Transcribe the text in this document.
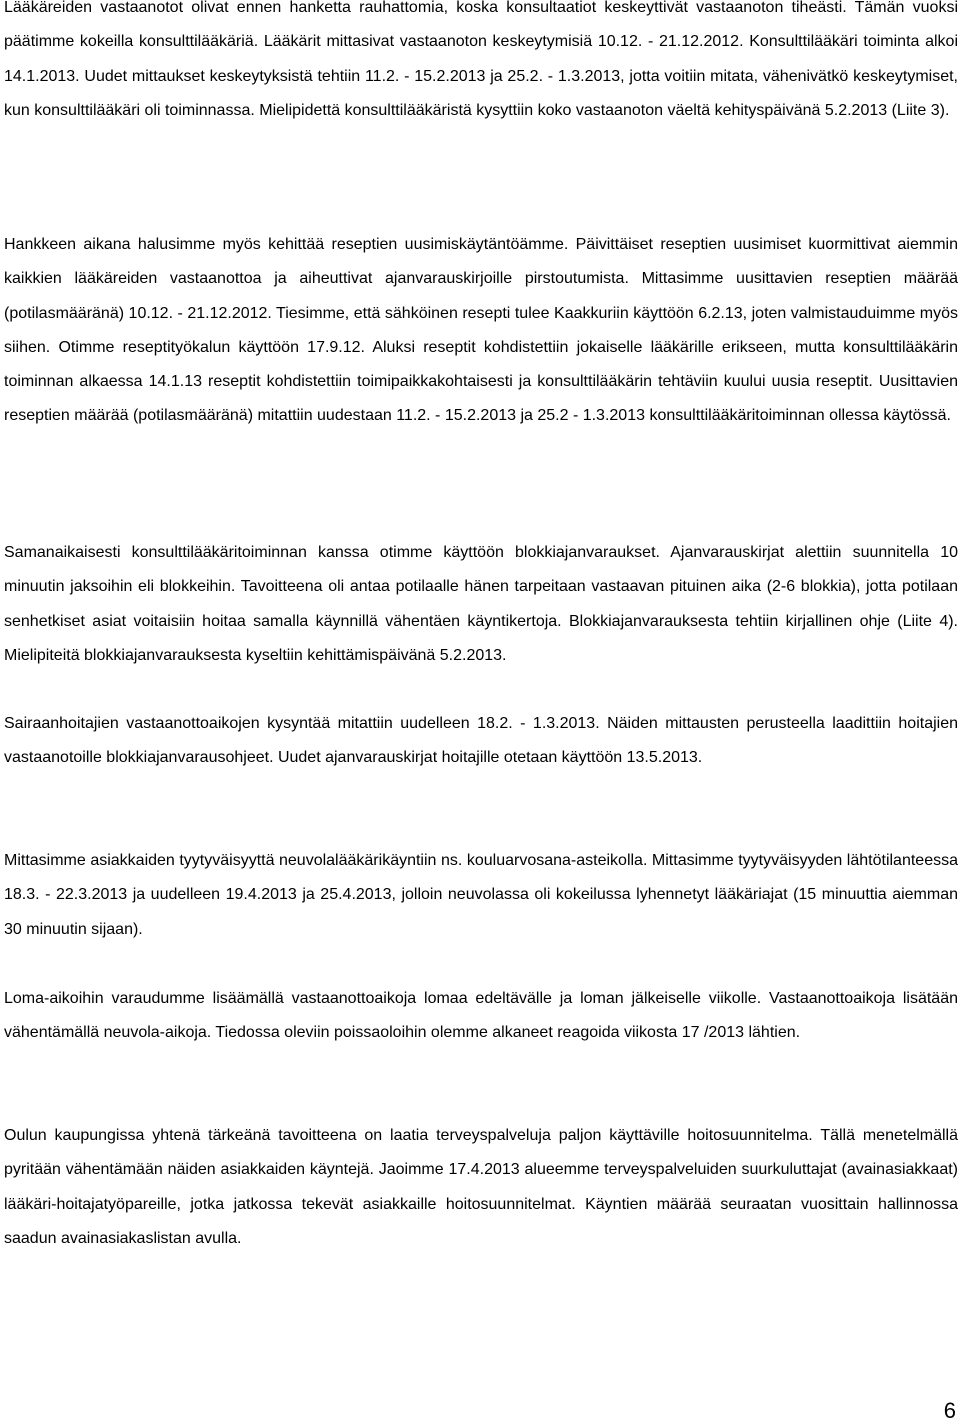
Lääkäreiden vastaanotot olivat ennen hanketta rauhattomia, koska konsultaatiot keskeyttivät vastaanoton tiheästi. Tämän vuoksi päätimme kokeilla konsulttilääkäriä. Lääkärit mittasivat vastaanoton keskeytymisiä 10.12. - 21.12.2012. Konsulttilääkäri toiminta alkoi 14.1.2013. Uudet mittaukset keskeytyksistä tehtiin 11.2. - 15.2.2013 ja 25.2. - 1.3.2013, jotta voitiin mitata, vähenivätkö keskeytymiset, kun konsulttilääkäri oli toiminnassa. Mielipidettä konsulttilääkäristä kysyttiin koko vastaanoton väeltä kehityspäivänä 5.2.2013 (Liite 3).

Hankkeen aikana halusimme myös kehittää reseptien uusimiskäytäntöämme. Päivittäiset reseptien uusimiset kuormittivat aiemmin kaikkien lääkäreiden vastaanottoa ja aiheuttivat ajanvarauskirjoille pirstoutumista. Mittasimme uusittavien reseptien määrää (potilasmääränä) 10.12. - 21.12.2012. Tiesimme, että sähköinen resepti tulee Kaakkuriin käyttöön 6.2.13, joten valmistauduimme myös siihen. Otimme reseptityökalun käyttöön 17.9.12. Aluksi reseptit kohdistettiin jokaiselle lääkärille erikseen, mutta konsulttilääkärin toiminnan alkaessa 14.1.13 reseptit kohdistettiin toimipaikkakohtaisesti ja konsulttilääkärin tehtäviin kuului uusia reseptit. Uusittavien reseptien määrää (potilasmääränä) mitattiin uudestaan 11.2. - 15.2.2013 ja 25.2 - 1.3.2013 konsulttilääkäritoiminnan ollessa käytössä.

Samanaikaisesti konsulttilääkäritoiminnan kanssa otimme käyttöön blokkiajanvaraukset. Ajanvarauskirjat alettiin suunnitella 10 minuutin jaksoihin eli blokkeihin. Tavoitteena oli antaa potilaalle hänen tarpeitaan vastaavan pituinen aika (2-6 blokkia), jotta potilaan senhetkiset asiat voitaisiin hoitaa samalla käynnillä vähentäen käyntikertoja. Blokkiajanvarauksesta tehtiin kirjallinen ohje (Liite 4). Mielipiteitä blokkiajanvarauksesta kyseltiin kehittämispäivänä 5.2.2013.

Sairaanhoitajien vastaanottoaikojen kysyntää mitattiin uudelleen 18.2. - 1.3.2013. Näiden mittausten perusteella laadittiin hoitajien vastaanotoille blokkiajanvarausohjeet. Uudet ajanvarauskirjat hoitajille otetaan käyttöön 13.5.2013.

Mittasimme asiakkaiden tyytyväisyyttä neuvolalääkärikäyntiin ns. kouluarvosana-asteikolla. Mittasimme tyytyväisyyden lähtötilanteessa 18.3. - 22.3.2013 ja uudelleen 19.4.2013 ja 25.4.2013, jolloin neuvolassa oli kokeilussa lyhennetyt lääkäriajat (15 minuuttia aiemman 30 minuutin sijaan).

Loma-aikoihin varaudumme lisäämällä vastaanottoaikoja lomaa edeltävälle ja loman jälkeiselle viikolle. Vastaanottoaikoja lisätään vähentämällä neuvola-aikoja. Tiedossa oleviin poissaoloihin olemme alkaneet reagoida viikosta 17 /2013 lähtien.

Oulun kaupungissa yhtenä tärkeänä tavoitteena on laatia terveyspalveluja paljon käyttäville hoitosuunnitelma. Tällä menetelmällä pyritään vähentämään näiden asiakkaiden käyntejä. Jaoimme 17.4.2013 alueemme terveyspalveluiden suurkuluttajat (avainasiakkaat) lääkäri-hoitajatyöpareille, jotka jatkossa tekevät asiakkaille hoitosuunnitelmat. Käyntien määrää seuraatan vuosittain hallinnossa saadun avainasiakaslistan avulla.

6
